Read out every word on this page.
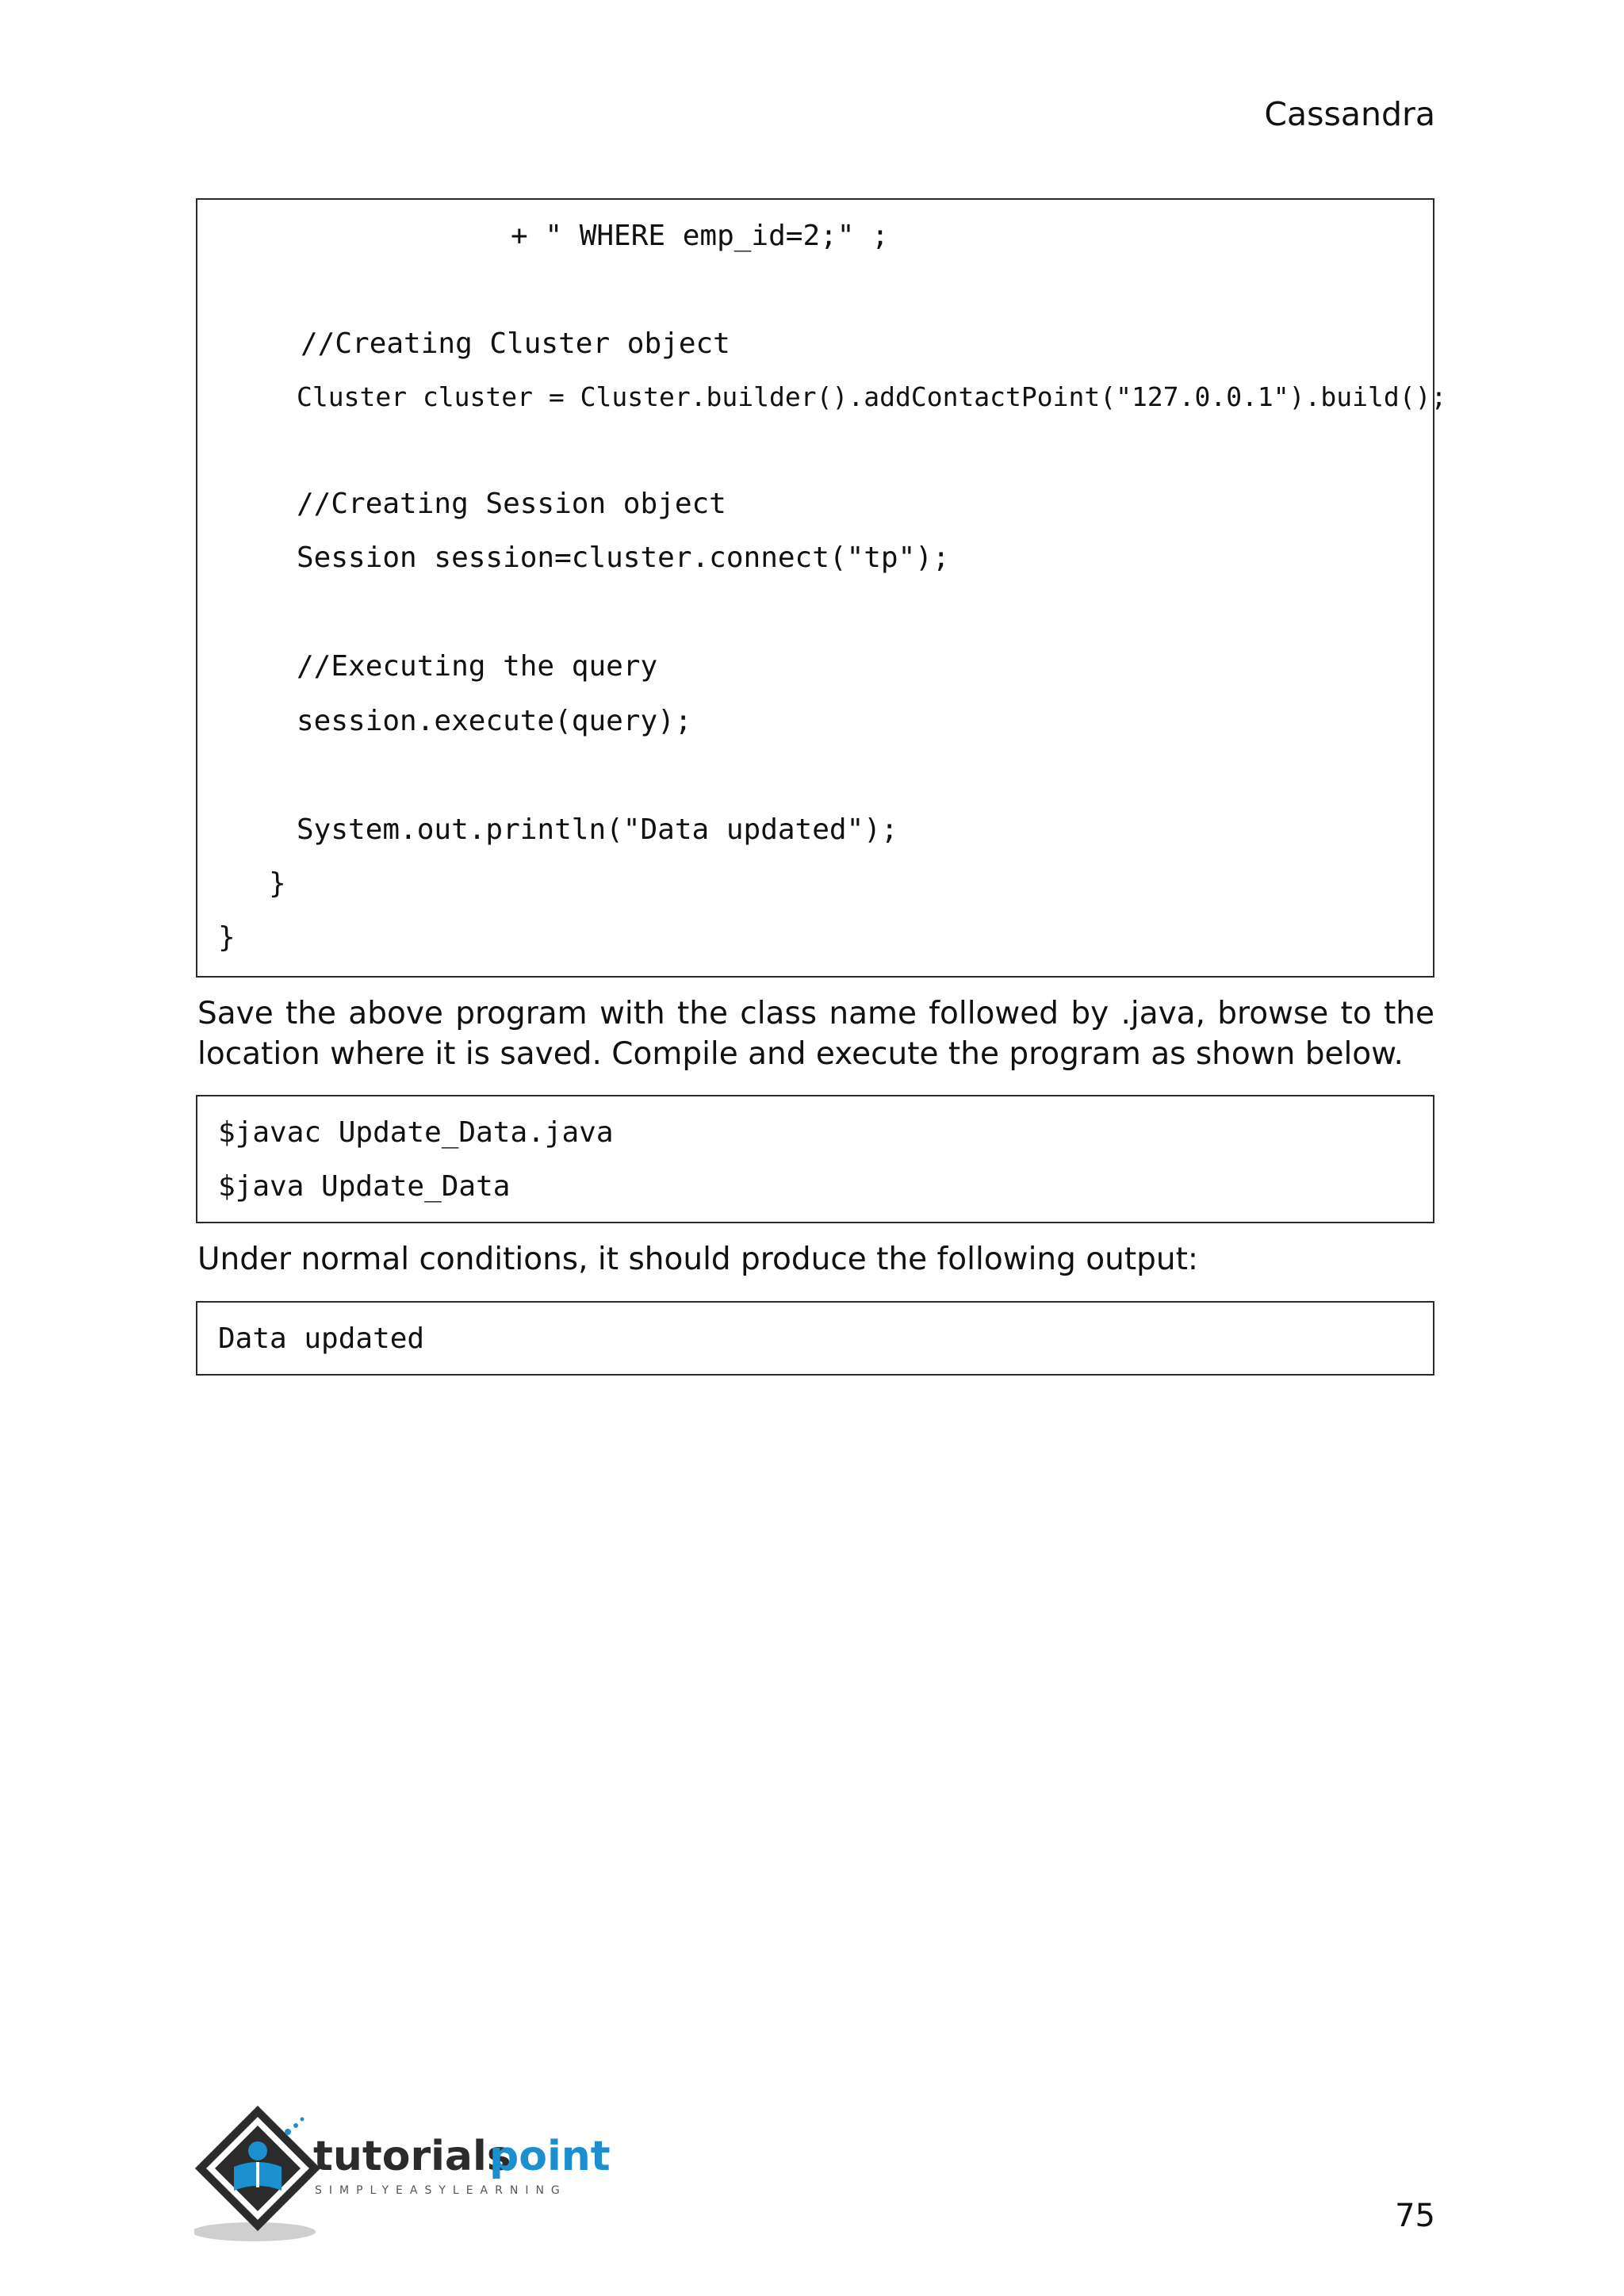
Cassandra
+ " WHERE emp_id=2;" ;
//Creating Cluster object
Cluster cluster = Cluster.builder().addContactPoint("127.0.0.1").build();
//Creating Session object
Session session=cluster.connect("tp");
//Executing the query
session.execute(query);
System.out.println("Data updated");
}
}
Save the above program with the class name followed by .java, browse to the
location where it is saved. Compile and execute the program as shown below.
$javac Update_Data.java
$java Update_Data
Under normal conditions, it should produce the following output:
Data updated
tutorials
point
SIMPLYEASYLEARNING
75
